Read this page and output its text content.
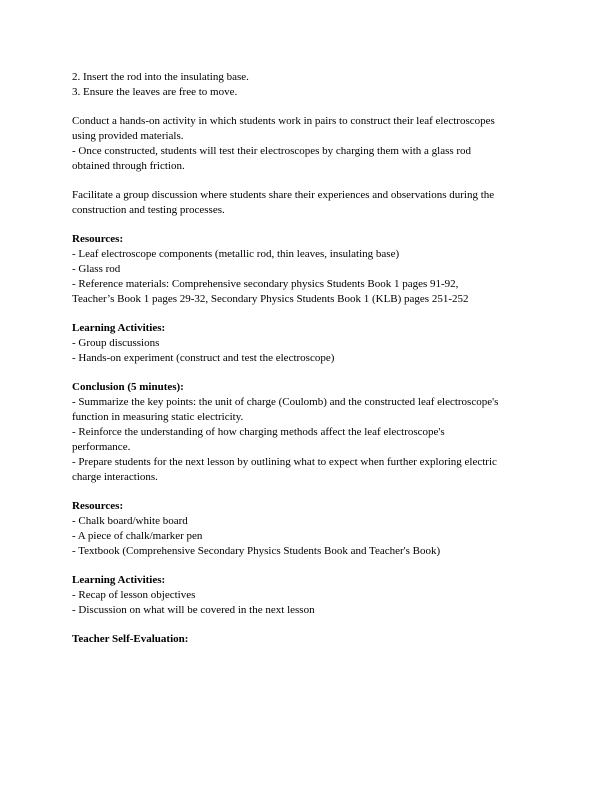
2. Insert the rod into the insulating base.

3. Ensure the leaves are free to move.

Conduct a hands-on activity in which students work in pairs to construct their leaf electroscopes

using provided materials.

- Once constructed, students will test their electroscopes by charging them with a glass rod

obtained through friction.

Facilitate a group discussion where students share their experiences and observations during the

construction and testing processes.

Resources:

- Leaf electroscope components (metallic rod, thin leaves, insulating base)

- Glass rod

- Reference materials: Comprehensive secondary physics Students Book 1 pages 91-92,

Teacher’s Book 1 pages 29-32, Secondary Physics Students Book 1 (KLB) pages 251-252

Learning Activities:

- Group discussions

- Hands-on experiment (construct and test the electroscope)

Conclusion (5 minutes):

- Summarize the key points: the unit of charge (Coulomb) and the constructed leaf electroscope's

function in measuring static electricity.

- Reinforce the understanding of how charging methods affect the leaf electroscope's

performance.

- Prepare students for the next lesson by outlining what to expect when further exploring electric

charge interactions.

Resources:

- Chalk board/white board

- A piece of chalk/marker pen

- Textbook (Comprehensive Secondary Physics Students Book and Teacher's Book)

Learning Activities:

- Recap of lesson objectives

- Discussion on what will be covered in the next lesson

Teacher Self-Evaluation:
